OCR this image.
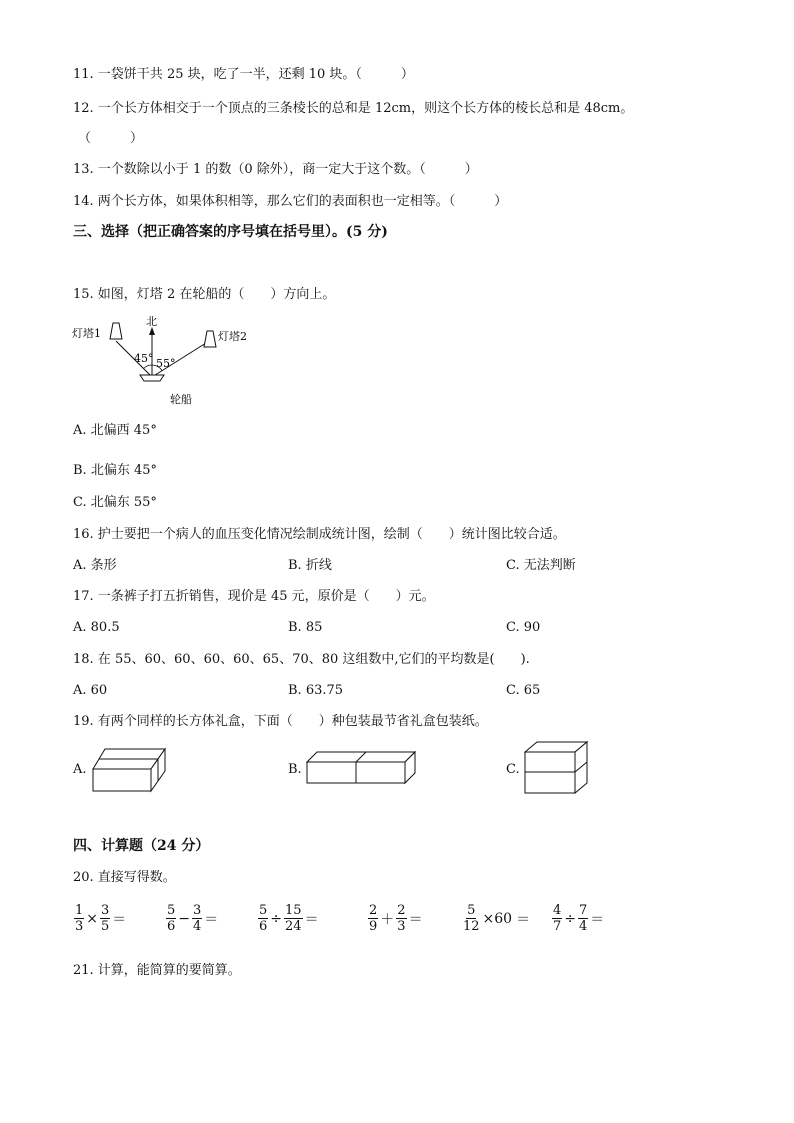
11. 一袋饼干共 25 块，吃了一半，还剩 10 块。（　　　）
12. 一个长方体相交于一个顶点的三条棱长的总和是 12cm，则这个长方体的棱长总和是 48cm。
（　　　）
13. 一个数除以小于 1 的数（0 除外），商一定大于这个数。（　　　）
14. 两个长方体，如果体积相等，那么它们的表面积也一定相等。（　　　）
三、选择（把正确答案的序号填在括号里）。(5 分)
15. 如图，灯塔 2 在轮船的（　　）方向上。
北
灯塔1	灯塔2
45° 55°
轮船
A. 北偏西 45°
B. 北偏东 45°
C. 北偏东 55°
16. 护士要把一个病人的血压变化情况绘制成统计图，绘制（　　）统计图比较合适。
A. 条形	B. 折线	C. 无法判断
17. 一条裤子打五折销售，现价是 45 元，原价是（　　）元。
A. 80.5	B. 85	C. 90
18. 在 55、60、60、60、60、65、70、80 这组数中,它们的平均数是(　　).
A. 60	B. 63.75	C. 65
19. 有两个同样的长方体礼盒，下面（　　）种包装最节省礼盒包装纸。
A.	B.	C.
四、计算题（24 分）
20. 直接写得数。
$\frac{1}{3} \times \frac{3}{5}$ ＝	$\frac{5}{6} - \frac{3}{4}$ ＝	$\frac{5}{6} \div \frac{15}{24}$ ＝	$\frac{2}{9} + \frac{2}{3}$ ＝	$\frac{5}{12} \times 60 = \frac{4}{7} \div \frac{7}{4}$ ＝
21. 计算，能简算的要简算。
